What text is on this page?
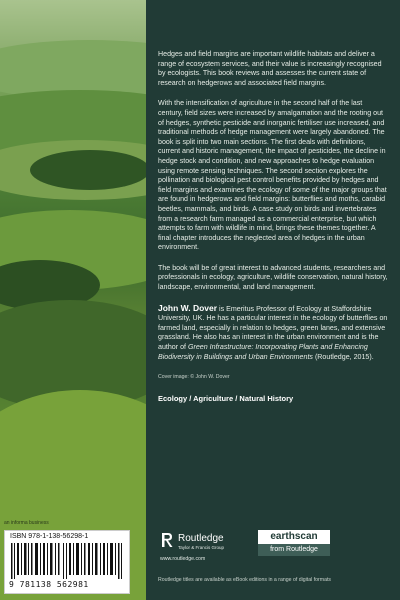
an informa business
ISBN 978-1-138-56298-1
9 781138 562981

Hedges and field margins are important wildlife habitats and deliver a range of ecosystem services, and their value is increasingly recognised by ecologists. This book reviews and assesses the current state of research on hedgerows and associated field margins.

With the intensification of agriculture in the second half of the last century, field sizes were increased by amalgamation and the rooting out of hedges, synthetic pesticide and inorganic fertiliser use increased, and traditional methods of hedge management were largely abandoned. The book is split into two main sections. The first deals with definitions, current and historic management, the impact of pesticides, the decline in hedge stock and condition, and new approaches to hedge evaluation using remote sensing techniques. The second section explores the pollination and biological pest control benefits provided by hedges and field margins and examines the ecology of some of the major groups that are found in hedgerows and field margins: butterflies and moths, carabid beetles, mammals, and birds. A case study on birds and invertebrates from a research farm managed as a commercial enterprise, but which attempts to farm with wildlife in mind, brings these themes together. A final chapter introduces the neglected area of hedges in the urban environment.

The book will be of great interest to advanced students, researchers and professionals in ecology, agriculture, wildlife conservation, natural history, landscape, environmental, and land management.

John W. Dover is Emeritus Professor of Ecology at Staffordshire University, UK. He has a particular interest in the ecology of butterflies on farmed land, especially in relation to hedges, green lanes, and extensive grassland. He also has an interest in the urban environment and is the author of Green Infrastructure: Incorporating Plants and Enhancing Biodiversity in Buildings and Urban Environments (Routledge, 2015).

Cover image: © John W. Dover

Ecology / Agriculture / Natural History

Routledge
Taylor & Francis Group
www.routledge.com
earthscan
from Routledge
Routledge titles are available as eBook editions in a range of digital formats
